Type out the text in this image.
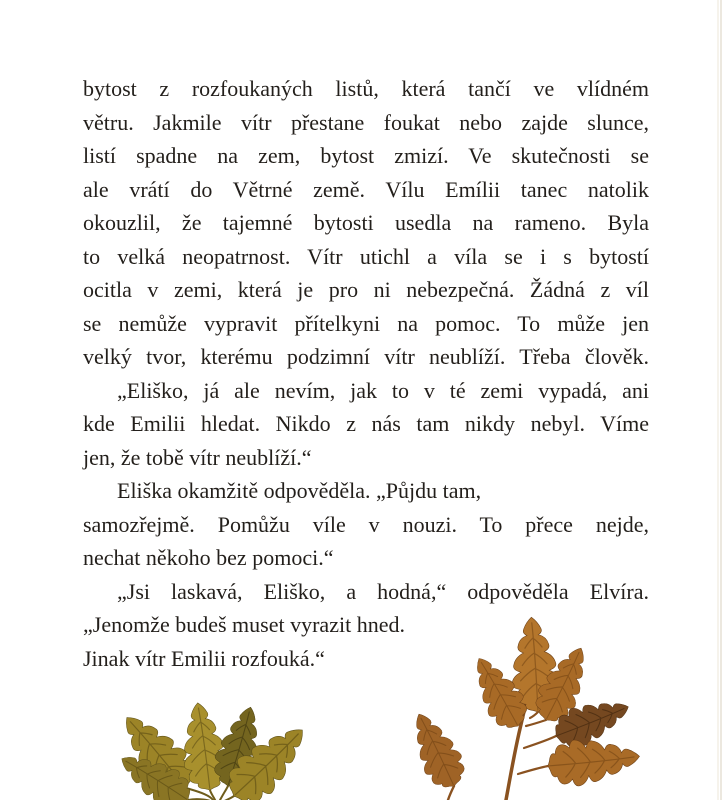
bytost z rozfoukaných listů, která tančí ve vlídném

větru. Jakmile vítr přestane foukat nebo zajde slunce,

listí spadne na zem, bytost zmizí. Ve skutečnosti se

ale vrátí do Větrné země. Vílu Emílii tanec natolik

okouzlil, že tajemné bytosti usedla na rameno. Byla

to velká neopatrnost. Vítr utichl a víla se i s bytostí

ocitla v zemi, která je pro ni nebezpečná. Žádná z víl

se nemůže vypravit přítelkyni na pomoc. To může jen

velký tvor, kterému podzimní vítr neublíží. Třeba člověk.

„Eliško, já ale nevím, jak to v té zemi vypadá, ani

kde Emilii hledat. Nikdo z nás tam nikdy nebyl. Víme

jen, že tobě vítr neublíží.“

Eliška okamžitě odpověděla. „Půjdu tam,

samozřejmě. Pomůžu víle v nouzi. To přece nejde,

nechat někoho bez pomoci.“

„Jsi laskavá, Eliško, a hodná,“ odpověděla Elvíra.

„Jenomže budeš muset vyrazit hned.

Jinak vítr Emilii rozfouká.“
